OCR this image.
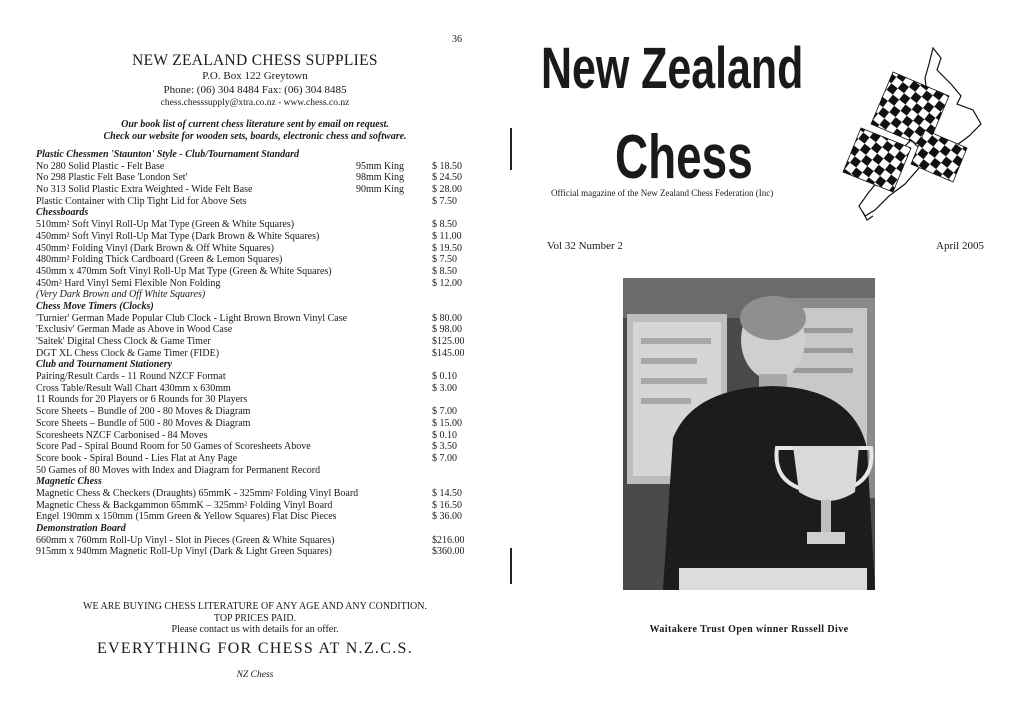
36
NEW ZEALAND CHESS SUPPLIES
P.O. Box 122 Greytown
Phone: (06) 304 8484 Fax: (06) 304 8485
chess.chesssupply@xtra.co.nz - www.chess.co.nz
Our book list of current chess literature sent by email on request.
Check our website for wooden sets, boards, electronic chess and software.
Plastic Chessmen 'Staunton' Style - Club/Tournament Standard
No 280 Solid Plastic - Felt Base	95mm King	$ 18.50
No 298 Plastic Felt Base 'London Set'	98mm King	$ 24.50
No 313 Solid Plastic Extra Weighted - Wide Felt Base	90mm King	$ 28.00
Plastic Container with Clip Tight Lid for Above Sets	$ 7.50
Chessboards
510mm² Soft Vinyl Roll-Up Mat Type (Green & White Squares)	$ 8.50
450mm² Soft Vinyl Roll-Up Mat Type (Dark Brown & White Squares)	$ 11.00
450mm² Folding Vinyl (Dark Brown & Off White Squares)	$ 19.50
480mm² Folding Thick Cardboard (Green & Lemon Squares)	$ 7.50
450mm x 470mm Soft Vinyl Roll-Up Mat Type (Green & White Squares)	$ 8.50
450m² Hard Vinyl Semi Flexible Non Folding	$ 12.00
(Very Dark Brown and Off White Squares)
Chess Move Timers (Clocks)
'Turnier' German Made Popular Club Clock - Light Brown Brown Vinyl Case	$ 80.00
'Exclusiv' German Made as Above in Wood Case	$ 98.00
'Saitek' Digital Chess Clock & Game Timer	$125.00
DGT XL Chess Clock & Game Timer (FIDE)	$145.00
Club and Tournament Stationery
Pairing/Result Cards - 11 Round NZCF Format	$ 0.10
Cross Table/Result Wall Chart 430mm x 630mm	$ 3.00
11 Rounds for 20 Players or 6 Rounds for 30 Players
Score Sheets – Bundle of 200 - 80 Moves & Diagram	$ 7.00
Score Sheets – Bundle of 500 - 80 Moves & Diagram	$ 15.00
Scoresheets NZCF Carbonised - 84 Moves	$ 0.10
Score Pad - Spiral Bound Room for 50 Games of Scoresheets Above	$ 3.50
Score book - Spiral Bound - Lies Flat at Any Page	$ 7.00
50 Games of 80 Moves with Index and Diagram for Permanent Record
Magnetic Chess
Magnetic Chess & Checkers (Draughts) 65mmK - 325mm² Folding Vinyl Board	$ 14.50
Magnetic Chess & Backgammon 65mmK – 325mm² Folding Vinyl Board	$ 16.50
Engel 190mm x 150mm (15mm Green & Yellow Squares) Flat Disc Pieces	$ 36.00
Demonstration Board
660mm x 760mm Roll-Up Vinyl - Slot in Pieces (Green & White Squares)	$216.00
915mm x 940mm Magnetic Roll-Up Vinyl (Dark & Light Green Squares)	$360.00
WE ARE BUYING CHESS LITERATURE OF ANY AGE AND ANY CONDITION.
TOP PRICES PAID.
Please contact us with details for an offer.
EVERYTHING FOR CHESS AT N.Z.C.S.
NZ Chess
New Zealand
Chess
Official magazine of the New Zealand Chess Federation (Inc)
Vol 32 Number 2	April 2005
Waitakere Trust Open winner Russell Dive
